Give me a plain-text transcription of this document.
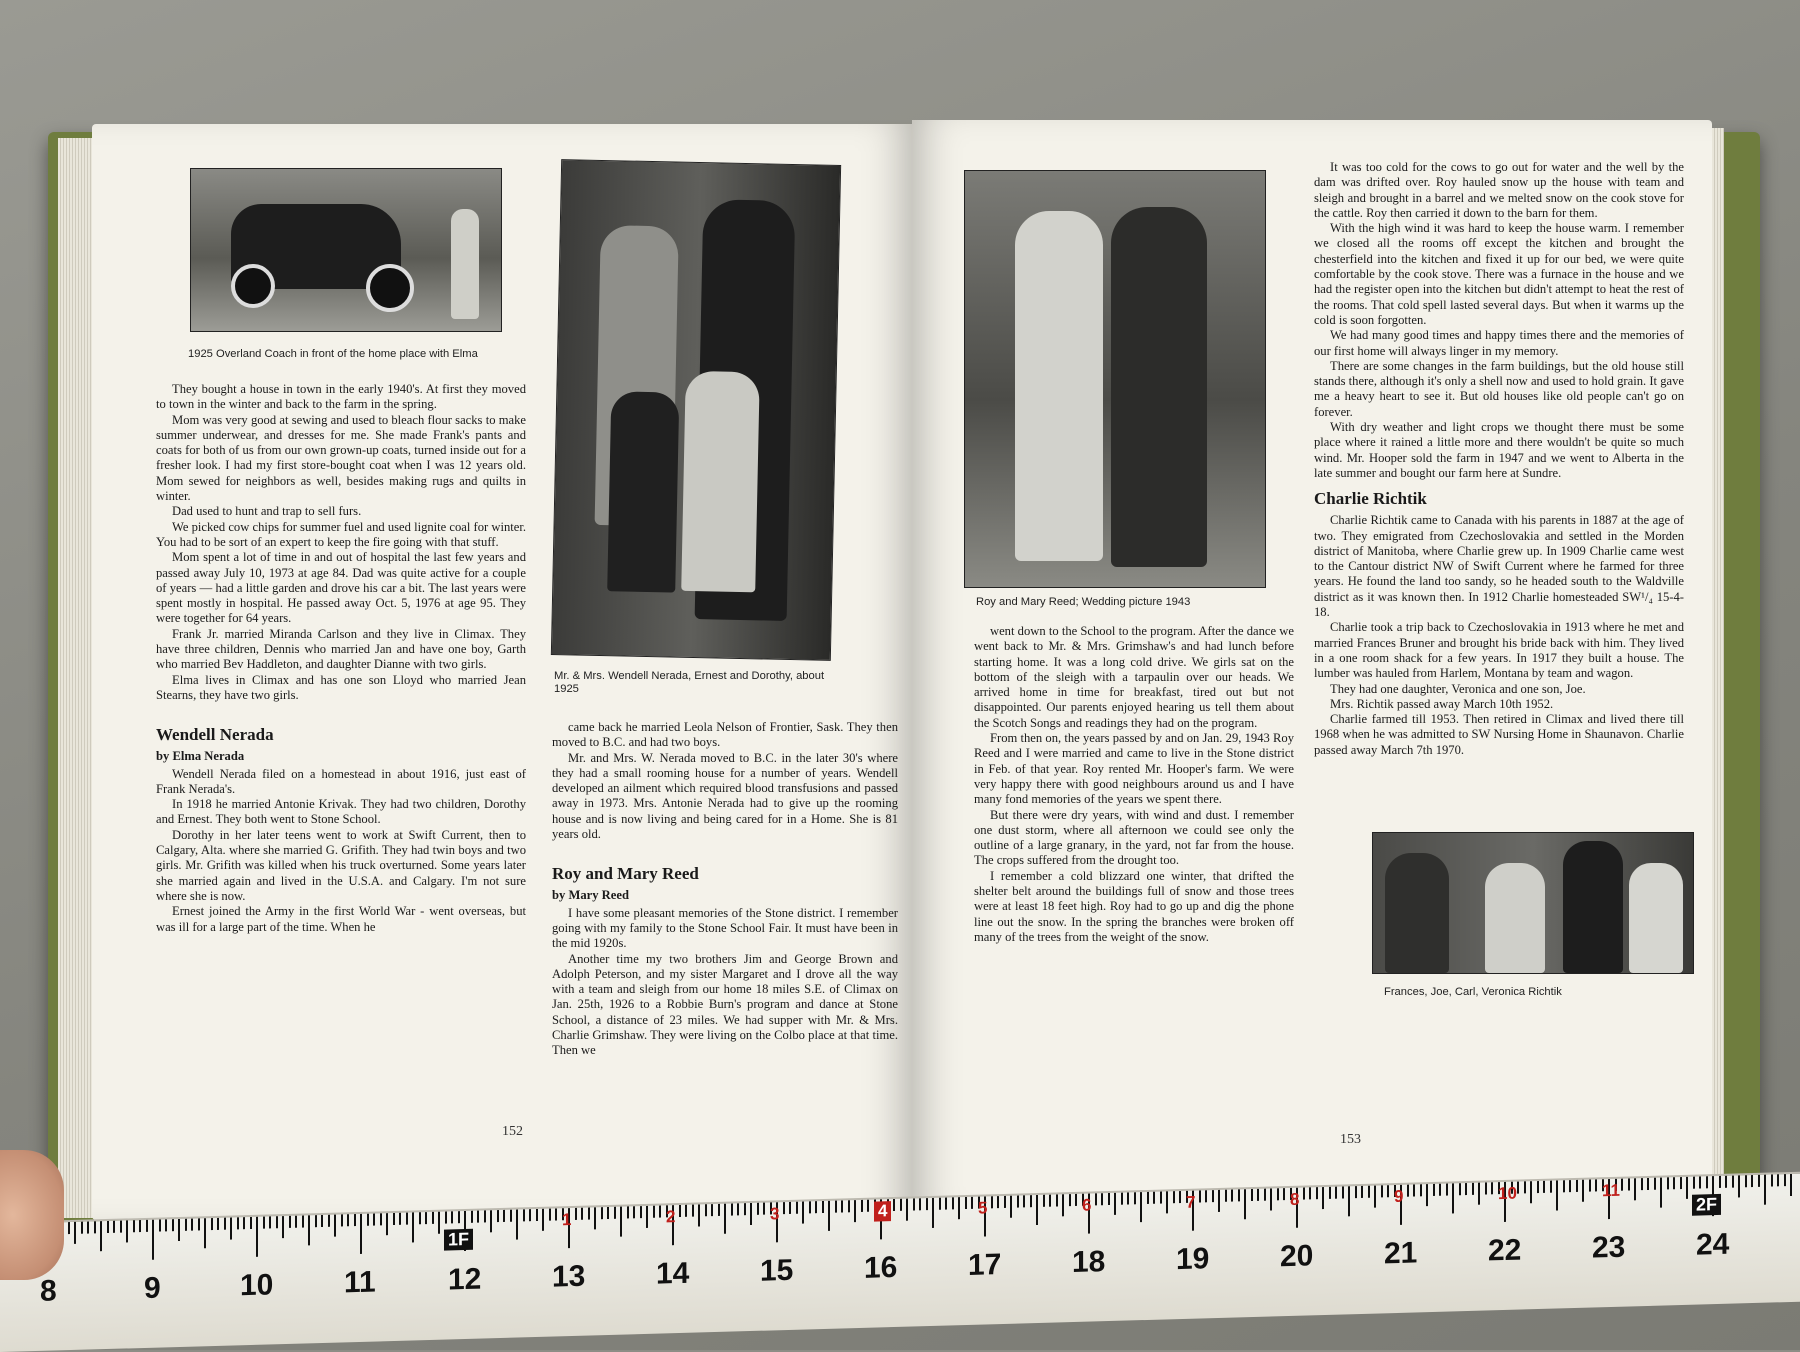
1925 Overland Coach in front of the home place with Elma
Mr. & Mrs. Wendell Nerada, Ernest and Dorothy, about 1925

They bought a house in town in the early 1940's. At first they moved to town in the winter and back to the farm in the spring.

Mom was very good at sewing and used to bleach flour sacks to make summer underwear, and dresses for me. She made Frank's pants and coats for both of us from our own grown-up coats, turned inside out for a fresher look. I had my first store-bought coat when I was 12 years old. Mom sewed for neighbors as well, besides making rugs and quilts in winter.

Dad used to hunt and trap to sell furs.

We picked cow chips for summer fuel and used lignite coal for winter. You had to be sort of an expert to keep the fire going with that stuff.

Mom spent a lot of time in and out of hospital the last few years and passed away July 10, 1973 at age 84. Dad was quite active for a couple of years — had a little garden and drove his car a bit. The last years were spent mostly in hospital. He passed away Oct. 5, 1976 at age 95. They were together for 64 years.

Frank Jr. married Miranda Carlson and they live in Climax. They have three children, Dennis who married Jan and have one boy, Garth who married Bev Haddleton, and daughter Dianne with two girls.

Elma lives in Climax and has one son Lloyd who married Jean Stearns, they have two girls.

Wendell Nerada
by Elma Nerada

Wendell Nerada filed on a homestead in about 1916, just east of Frank Nerada's.

In 1918 he married Antonie Krivak. They had two children, Dorothy and Ernest. They both went to Stone School.

Dorothy in her later teens went to work at Swift Current, then to Calgary, Alta. where she married G. Grifith. They had twin boys and two girls. Mr. Grifith was killed when his truck overturned. Some years later she married again and lived in the U.S.A. and Calgary. I'm not sure where she is now.

Ernest joined the Army in the first World War - went overseas, but was ill for a large part of the time. When he

came back he married Leola Nelson of Frontier, Sask. They then moved to B.C. and had two boys.

Mr. and Mrs. W. Nerada moved to B.C. in the later 30's where they had a small rooming house for a number of years. Wendell developed an ailment which required blood transfusions and passed away in 1973. Mrs. Antonie Nerada had to give up the rooming house and is now living and being cared for in a Home. She is 81 years old.

Roy and Mary Reed
by Mary Reed

I have some pleasant memories of the Stone district. I remember going with my family to the Stone School Fair. It must have been in the mid 1920s.

Another time my two brothers Jim and George Brown and Adolph Peterson, and my sister Margaret and I drove all the way with a team and sleigh from our home 18 miles S.E. of Climax on Jan. 25th, 1926 to a Robbie Burn's program and dance at Stone School, a distance of 23 miles. We had supper with Mr. & Mrs. Charlie Grimshaw. They were living on the Colbo place at that time. Then we

152
Roy and Mary Reed; Wedding picture 1943

went down to the School to the program. After the dance we went back to Mr. & Mrs. Grimshaw's and had lunch before starting home. It was a long cold drive. We girls sat on the bottom of the sleigh with a tarpaulin over our heads. We arrived home in time for breakfast, tired out but not disappointed. Our parents enjoyed hearing us tell them about the Scotch Songs and readings they had on the program.

From then on, the years passed by and on Jan. 29, 1943 Roy Reed and I were married and came to live in the Stone district in Feb. of that year. Roy rented Mr. Hooper's farm. We were very happy there with good neighbours around us and I have many fond memories of the years we spent there.

But there were dry years, with wind and dust. I remember one dust storm, where all afternoon we could see only the outline of a large granary, in the yard, not far from the house. The crops suffered from the drought too.

I remember a cold blizzard one winter, that drifted the shelter belt around the buildings full of snow and those trees were at least 18 feet high. Roy had to go up and dig the phone line out the snow. In the spring the branches were broken off many of the trees from the weight of the snow.

It was too cold for the cows to go out for water and the well by the dam was drifted over. Roy hauled snow up the house with team and sleigh and brought in a barrel and we melted snow on the cook stove for the cattle. Roy then carried it down to the barn for them.

With the high wind it was hard to keep the house warm. I remember we closed all the rooms off except the kitchen and brought the chesterfield into the kitchen and fixed it up for our bed, we were quite comfortable by the cook stove. There was a furnace in the house and we had the register open into the kitchen but didn't attempt to heat the rest of the rooms. That cold spell lasted several days. But when it warms up the cold is soon forgotten.

We had many good times and happy times there and the memories of our first home will always linger in my memory.

There are some changes in the farm buildings, but the old house still stands there, although it's only a shell now and used to hold grain. It gave me a heavy heart to see it. But old houses like old people can't go on forever.

With dry weather and light crops we thought there must be some place where it rained a little more and there wouldn't be quite so much wind. Mr. Hooper sold the farm in 1947 and we went to Alberta in the late summer and bought our farm here at Sundre.

Charlie Richtik

Charlie Richtik came to Canada with his parents in 1887 at the age of two. They emigrated from Czechoslovakia and settled in the Morden district of Manitoba, where Charlie grew up. In 1909 Charlie came west to the Cantour district NW of Swift Current where he farmed for three years. He found the land too sandy, so he headed south to the Waldville district as it was known then. In 1912 Charlie homesteaded SW¹/₄ 15-4-18.

Charlie took a trip back to Czechoslovakia in 1913 where he met and married Frances Bruner and brought his bride back with him. They lived in a one room shack for a few years. In 1917 they built a house. The lumber was hauled from Harlem, Montana by team and wagon.

They had one daughter, Veronica and one son, Joe.

Mrs. Richtik passed away March 10th 1952.

Charlie farmed till 1953. Then retired in Climax and lived there till 1968 when he was admitted to SW Nursing Home in Shaunavon. Charlie passed away March 7th 1970.

Frances, Joe, Carl, Veronica Richtik
153
8	9	10 11 12 13 14 15 16 17 18 19 20 21 22 23 24
1	2	3	4	5	6	7	8	9	10	11
1F
2F
